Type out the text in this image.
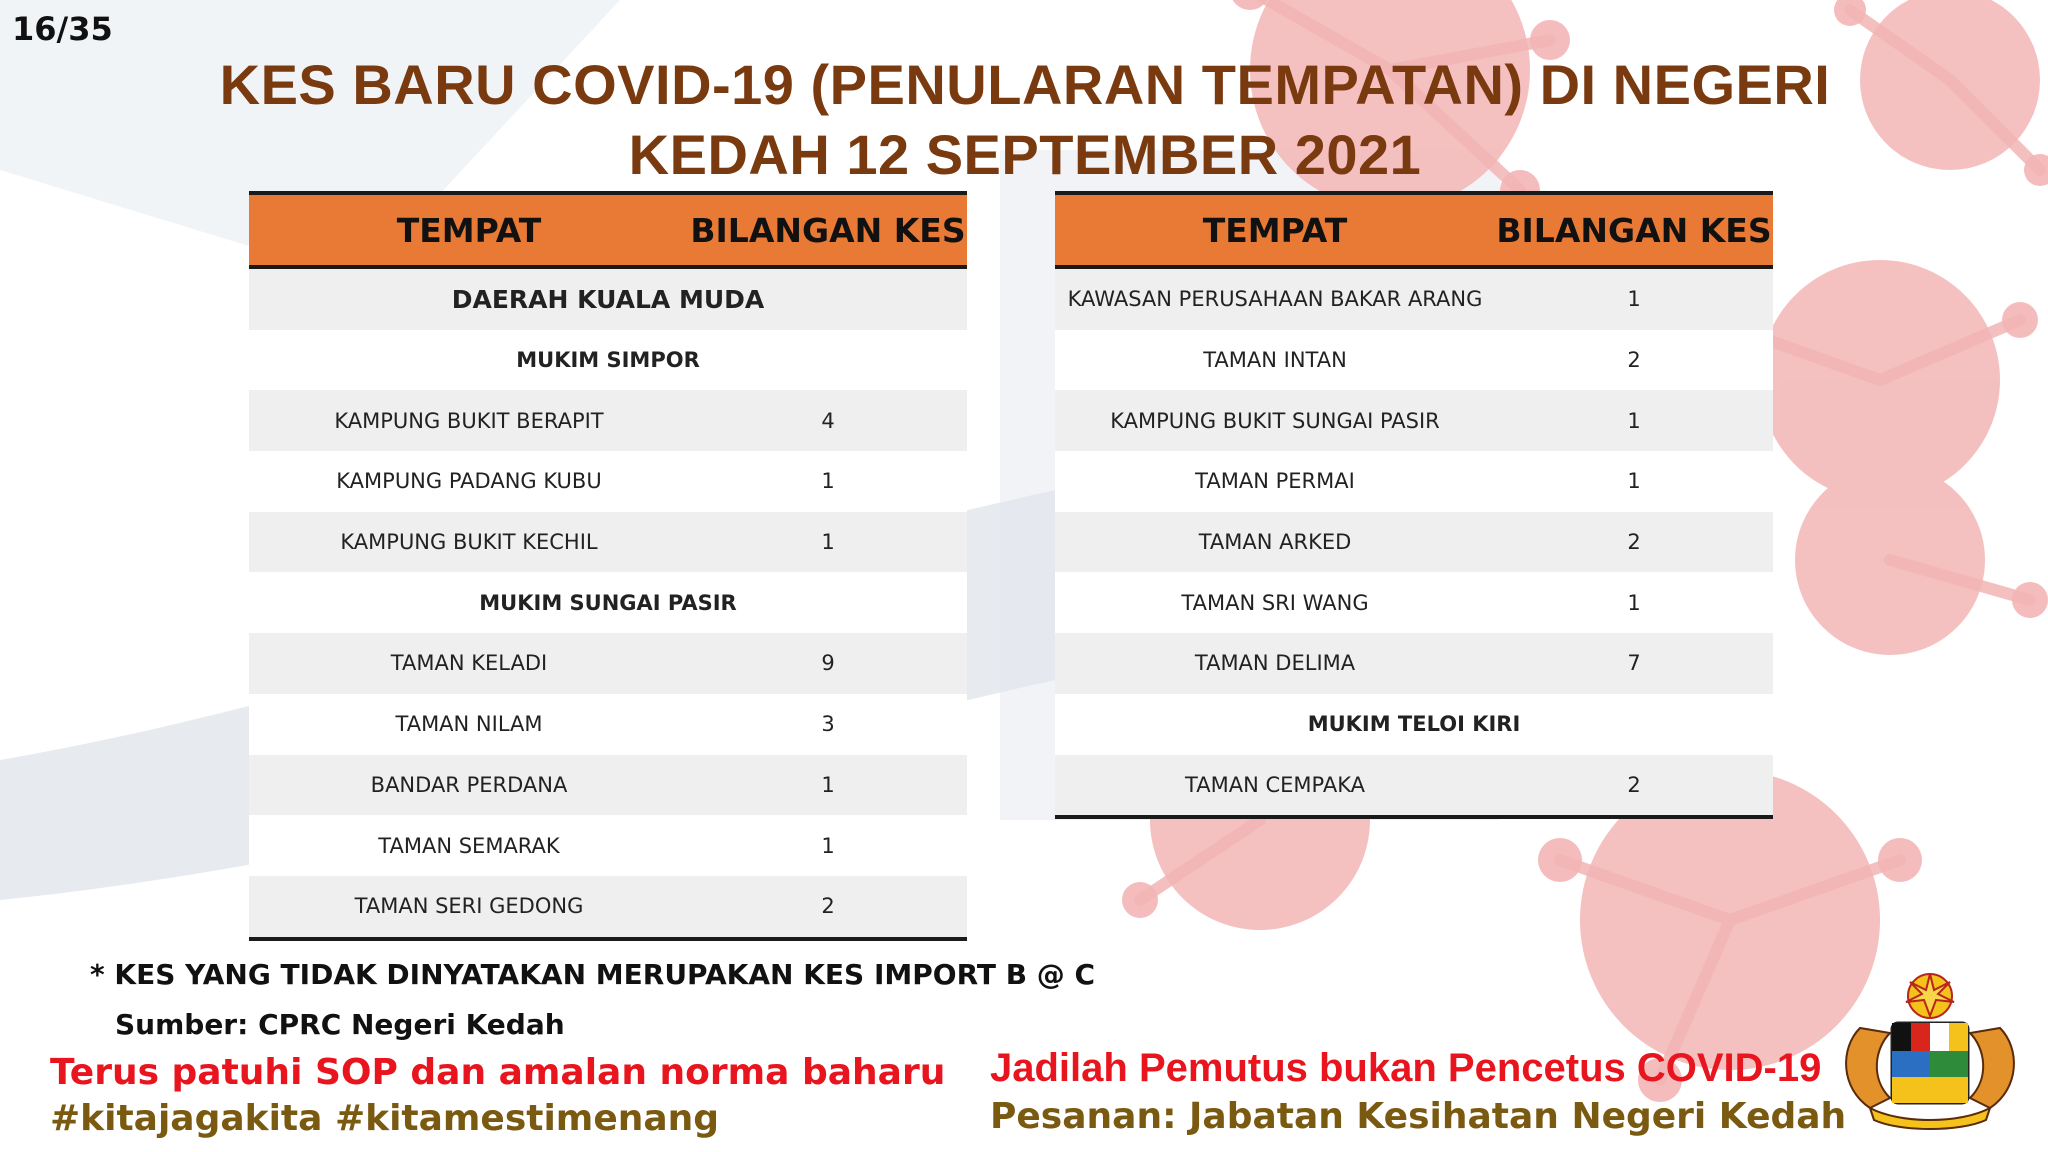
16/35
KES BARU COVID-19 (PENULARAN TEMPATAN) DI NEGERI
KEDAH 12 SEPTEMBER 2021
TEMPAT	BILANGAN KES
DAERAH KUALA MUDA	
MUKIM SIMPOR	
KAMPUNG BUKIT BERAPIT	4
KAMPUNG PADANG KUBU	1
KAMPUNG BUKIT KECHIL	1
MUKIM SUNGAI PASIR	
TAMAN KELADI	9
TAMAN NILAM	3
BANDAR PERDANA	1
TAMAN SEMARAK	1
TAMAN SERI GEDONG	2
TEMPAT	BILANGAN KES
KAWASAN PERUSAHAAN BAKAR ARANG	1
TAMAN INTAN	2
KAMPUNG BUKIT SUNGAI PASIR	1
TAMAN PERMAI	1
TAMAN ARKED	2
TAMAN SRI WANG	1
TAMAN DELIMA	7
MUKIM TELOI KIRI	
TAMAN CEMPAKA	2
* KES YANG TIDAK DINYATAKAN MERUPAKAN KES IMPORT B @ C
Sumber: CPRC Negeri Kedah
Terus patuhi SOP dan amalan norma baharu
#kitajagakita #kitamestimenang
Jadilah Pemutus bukan Pencetus COVID-19
Pesanan: Jabatan Kesihatan Negeri Kedah
